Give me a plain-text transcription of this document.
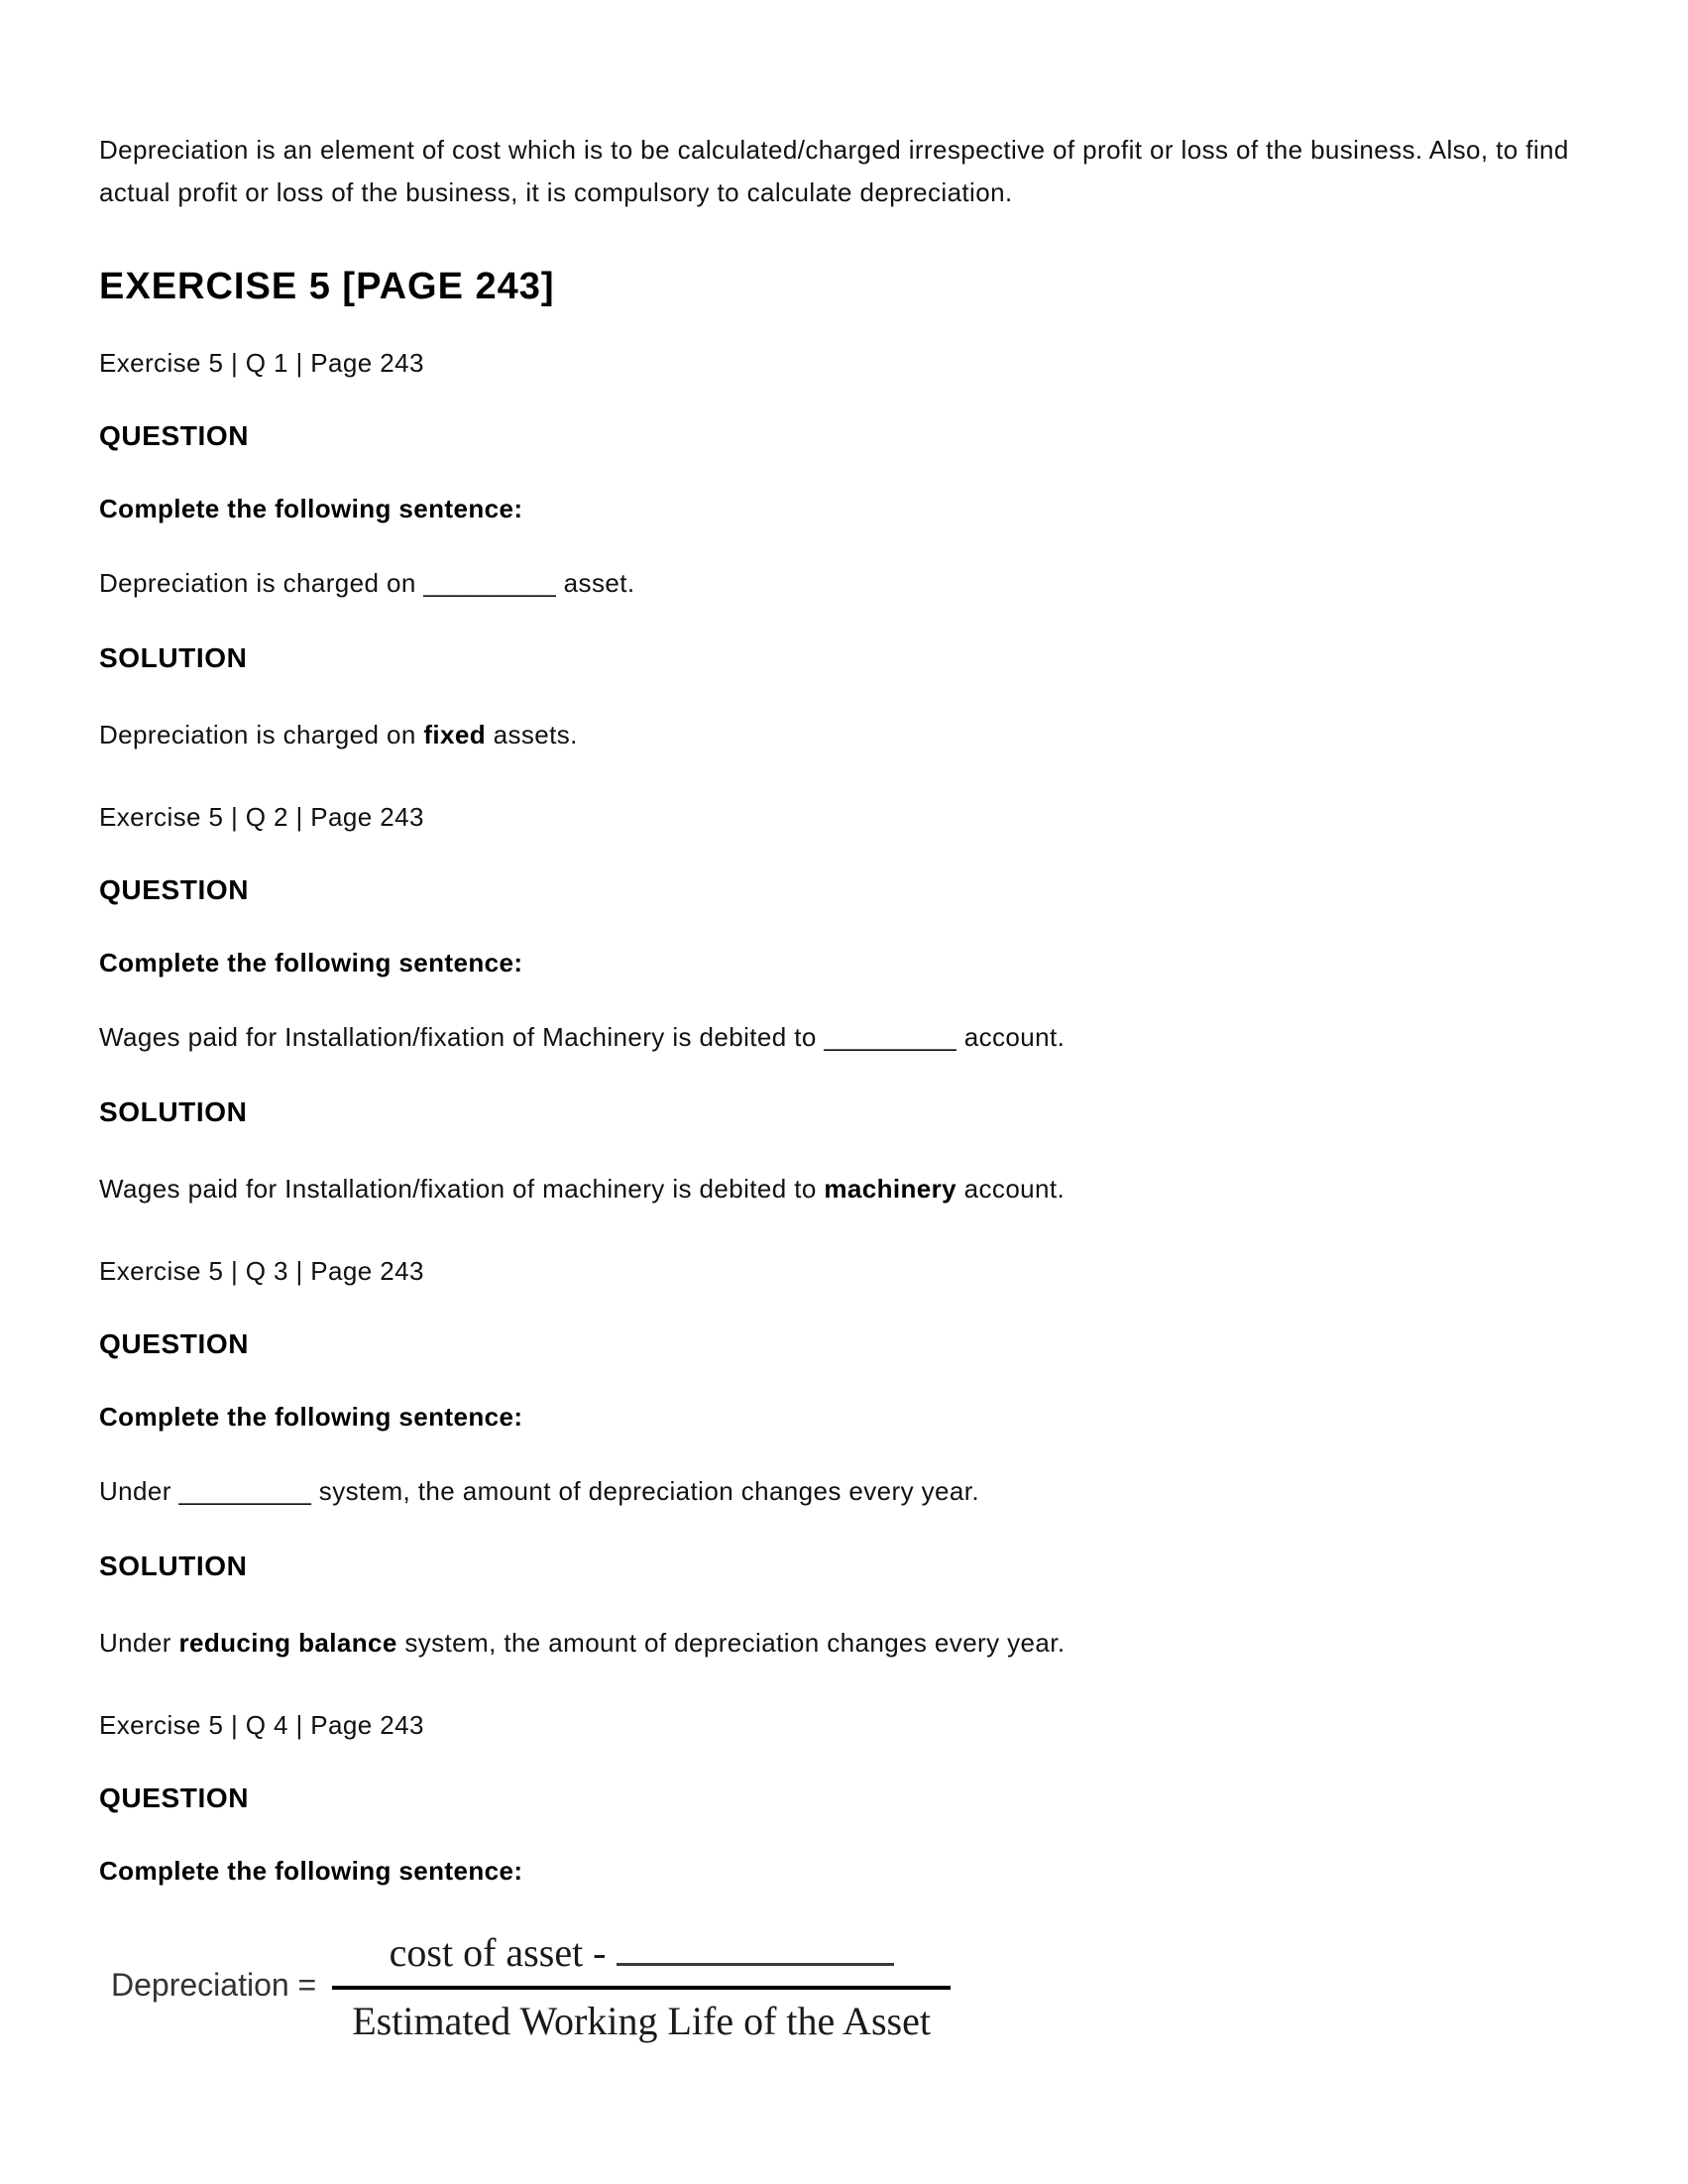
Depreciation is an element of cost which is to be calculated/charged irrespective of profit or loss of the business. Also, to find actual profit or loss of the business, it is compulsory to calculate depreciation.

EXERCISE 5 [PAGE 243]

Exercise 5 | Q 1 | Page 243

QUESTION

Complete the following sentence:

Depreciation is charged on _________ asset.

SOLUTION

Depreciation is charged on fixed assets.

Exercise 5 | Q 2 | Page 243

QUESTION

Complete the following sentence:

Wages paid for Installation/fixation of Machinery is debited to _________ account.

SOLUTION

Wages paid for Installation/fixation of machinery is debited to machinery account.

Exercise 5 | Q 3 | Page 243

QUESTION

Complete the following sentence:

Under _________ system, the amount of depreciation changes every year.

SOLUTION

Under reducing balance system, the amount of depreciation changes every year.

Exercise 5 | Q 4 | Page 243

QUESTION

Complete the following sentence:

Depreciation = $\frac{\text{cost of asset -}}{\text{Estimated Working Life of the Asset}}$
